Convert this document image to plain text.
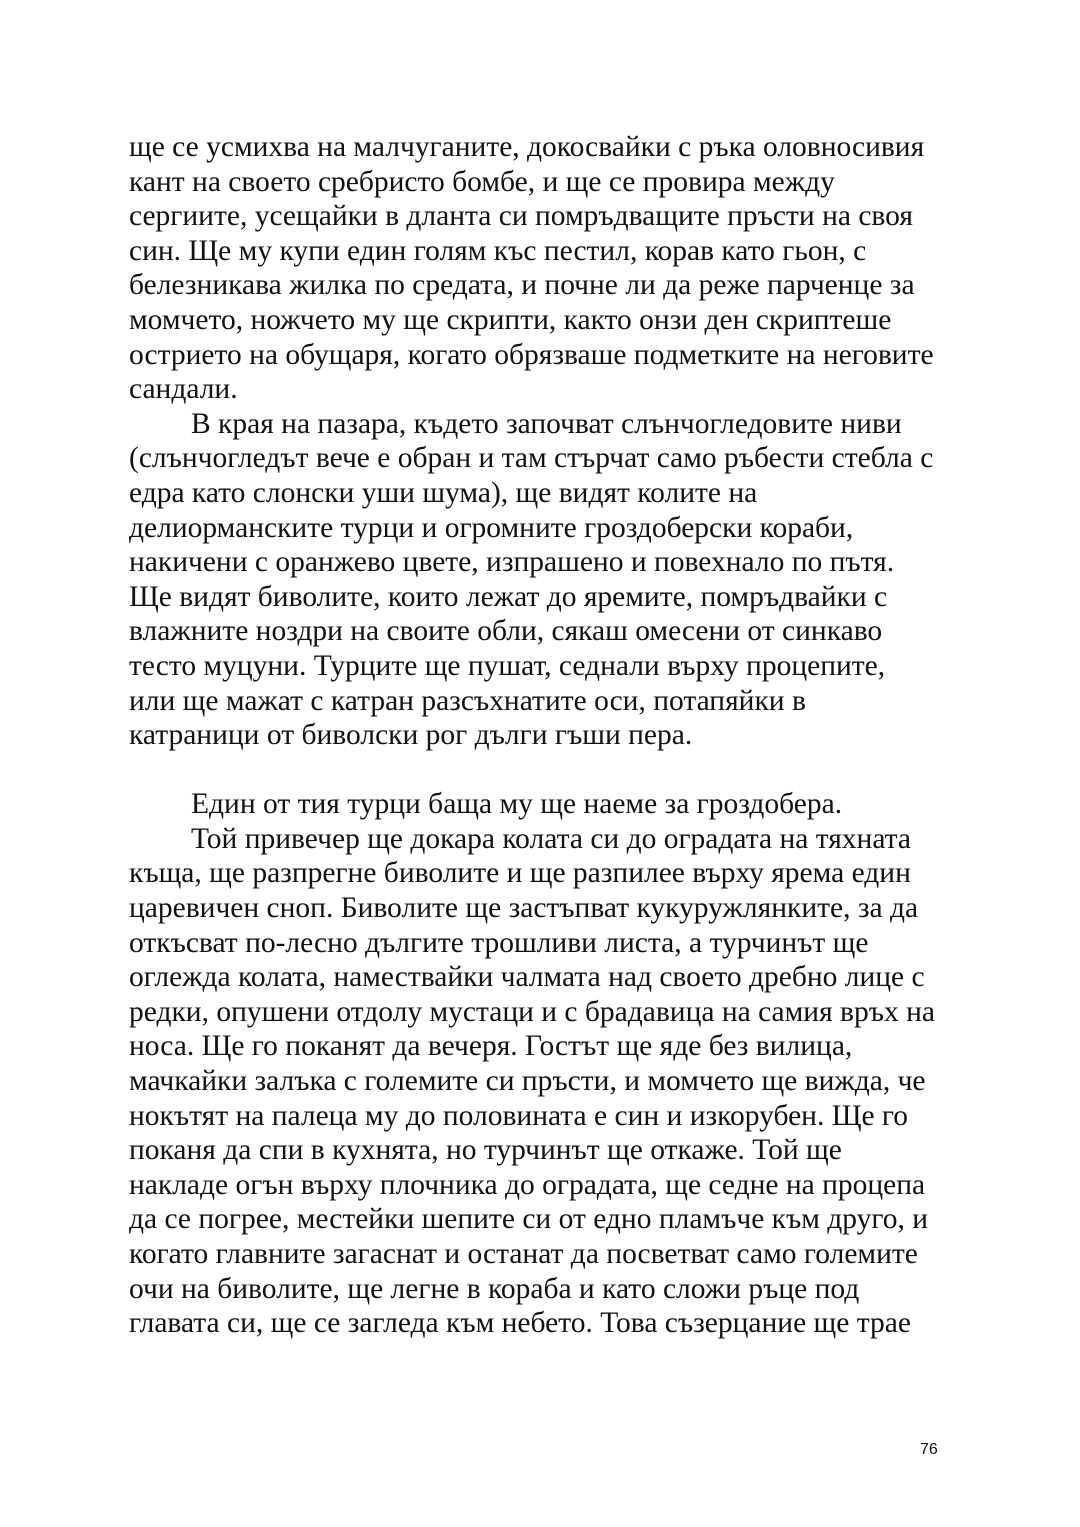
ще се усмихва на малчуганите, докосвайки с ръка оловносивия
кант на своето сребристо бомбе, и ще се провира между
сергиите, усещайки в дланта си помръдващите пръсти на своя
син. Ще му купи един голям къс пестил, корав като гьон, с
белезникава жилка по средата, и почне ли да реже парченце за
момчето, ножчето му ще скрипти, както онзи ден скриптеше
острието на обущаря, когато обрязваше подметките на неговите
сандали.
В края на пазара, където започват слънчогледовите ниви
(слънчогледът вече е обран и там стърчат само ръбести стебла с
едра като слонски уши шума), ще видят колите на
делиорманските турци и огромните гроздоберски кораби,
накичени с оранжево цвете, изпрашено и повехнало по пътя.
Ще видят биволите, които лежат до яремите, помръдвайки с
влажните ноздри на своите обли, сякаш омесени от синкаво
тесто муцуни. Турците ще пушат, седнали върху процепите,
или ще мажат с катран разсъхнатите оси, потапяйки в
катраници от биволски рог дълги гъши пера.
Един от тия турци баща му ще наеме за гроздобера.
Той привечер ще докара колата си до оградата на тяхната
къща, ще разпрегне биволите и ще разпилее върху ярема един
царевичен сноп. Биволите ще застъпват кукуружлянките, за да
откъсват по-лесно дългите трошливи листа, а турчинът ще
оглежда колата, намествайки чалмата над своето дребно лице с
редки, опушени отдолу мустаци и с брадавица на самия връх на
носа. Ще го поканят да вечеря. Гостът ще яде без вилица,
мачкайки залъка с големите си пръсти, и момчето ще вижда, че
нокътят на палеца му до половината е син и изкорубен. Ще го
поканя да спи в кухнята, но турчинът ще откаже. Той ще
накладе огън върху плочника до оградата, ще седне на процепа
да се погрее, местейки шепите си от едно пламъче към друго, и
когато главните загаснат и останат да посветват само големите
очи на биволите, ще легне в кораба и като сложи ръце под
главата си, ще се загледа към небето. Това съзерцание ще трае
76
